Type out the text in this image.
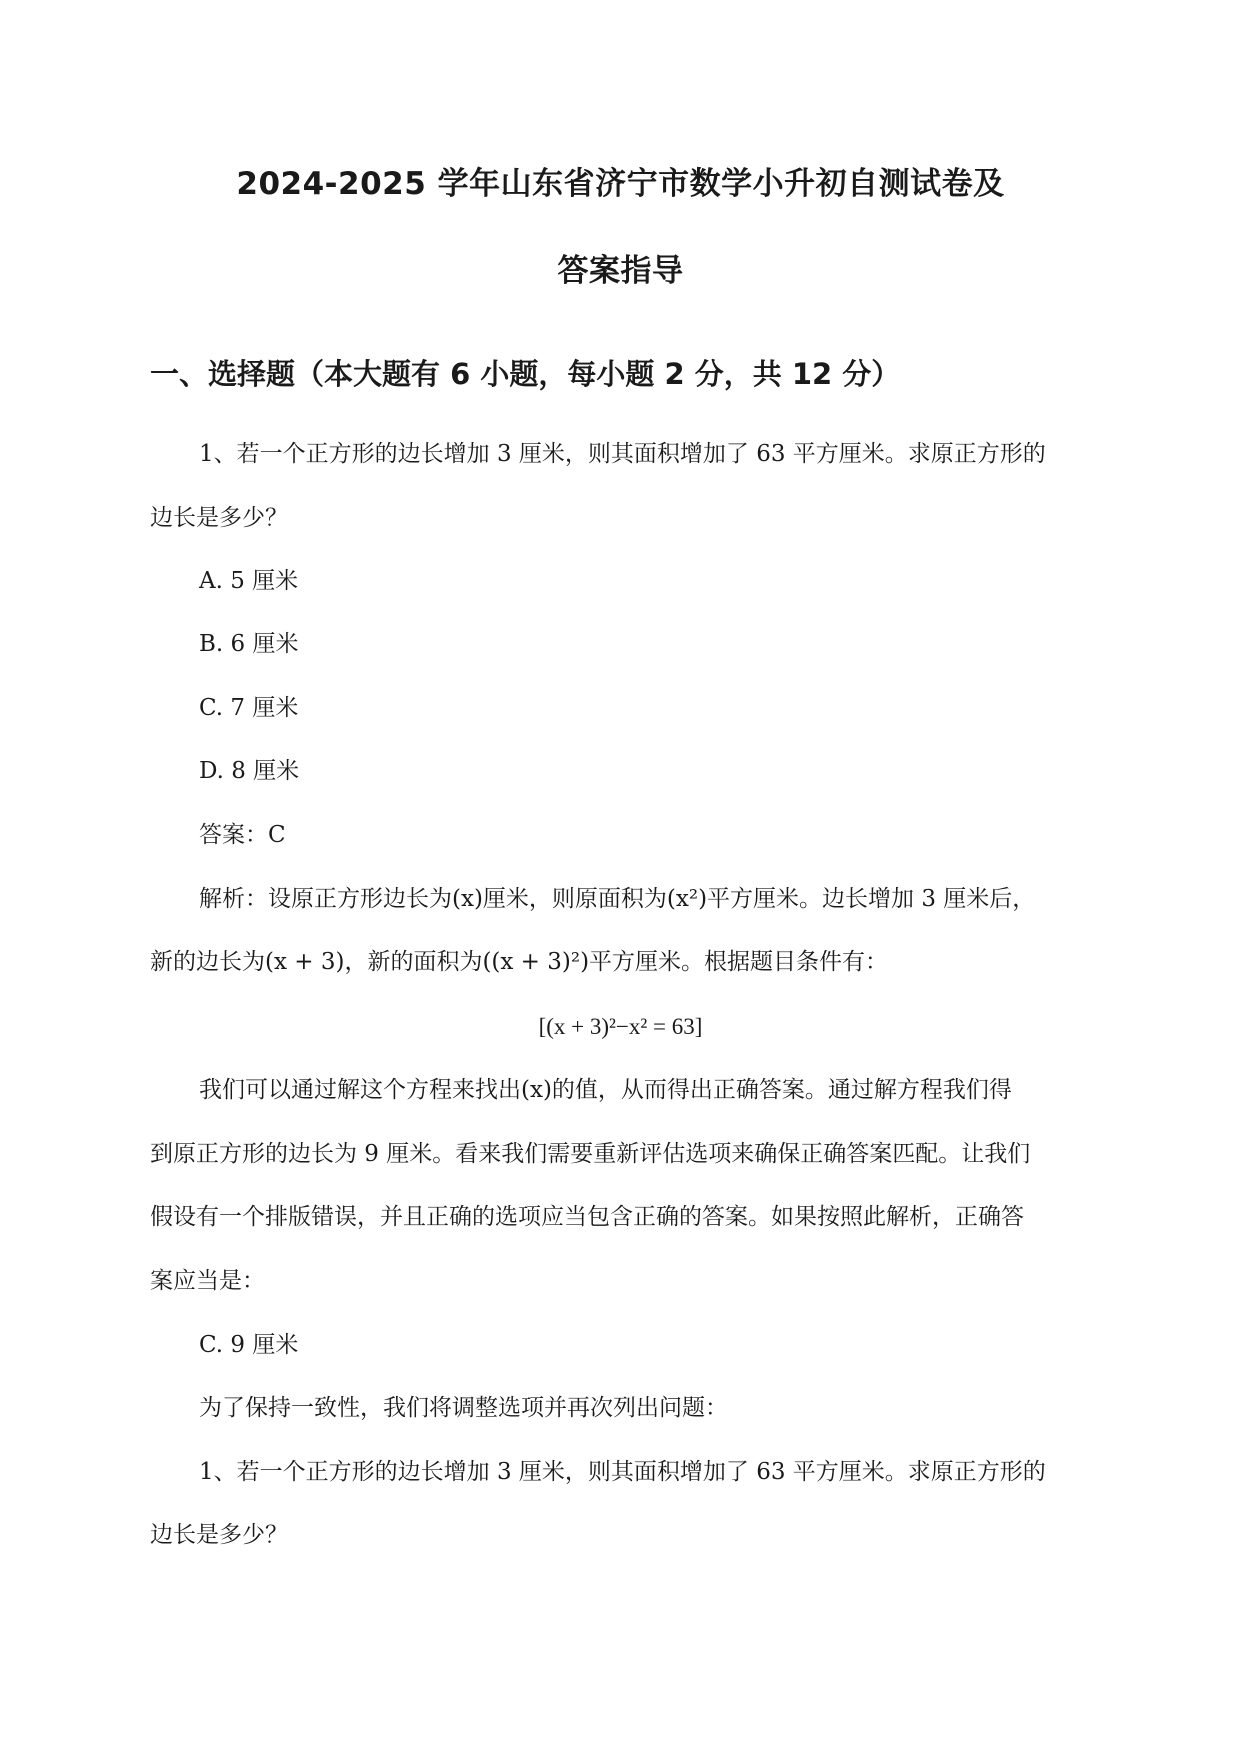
2024-2025 学年山东省济宁市数学小升初自测试卷及
答案指导
一、选择题（本大题有 6 小题，每小题 2 分，共 12 分）
1、若一个正方形的边长增加 3 厘米，则其面积增加了 63 平方厘米。求原正方形的
边长是多少？
A. 5 厘米
B. 6 厘米
C. 7 厘米
D. 8 厘米
答案：C
解析：设原正方形边长为(x)厘米，则原面积为(x²)平方厘米。边长增加 3 厘米后，
新的边长为(x + 3)，新的面积为((x + 3)²)平方厘米。根据题目条件有：
[(x + 3)²−x² = 63]
我们可以通过解这个方程来找出(x)的值，从而得出正确答案。通过解方程我们得
到原正方形的边长为 9 厘米。看来我们需要重新评估选项来确保正确答案匹配。让我们
假设有一个排版错误，并且正确的选项应当包含正确的答案。如果按照此解析，正确答
案应当是：
C. 9 厘米
为了保持一致性，我们将调整选项并再次列出问题：
1、若一个正方形的边长增加 3 厘米，则其面积增加了 63 平方厘米。求原正方形的
边长是多少？
